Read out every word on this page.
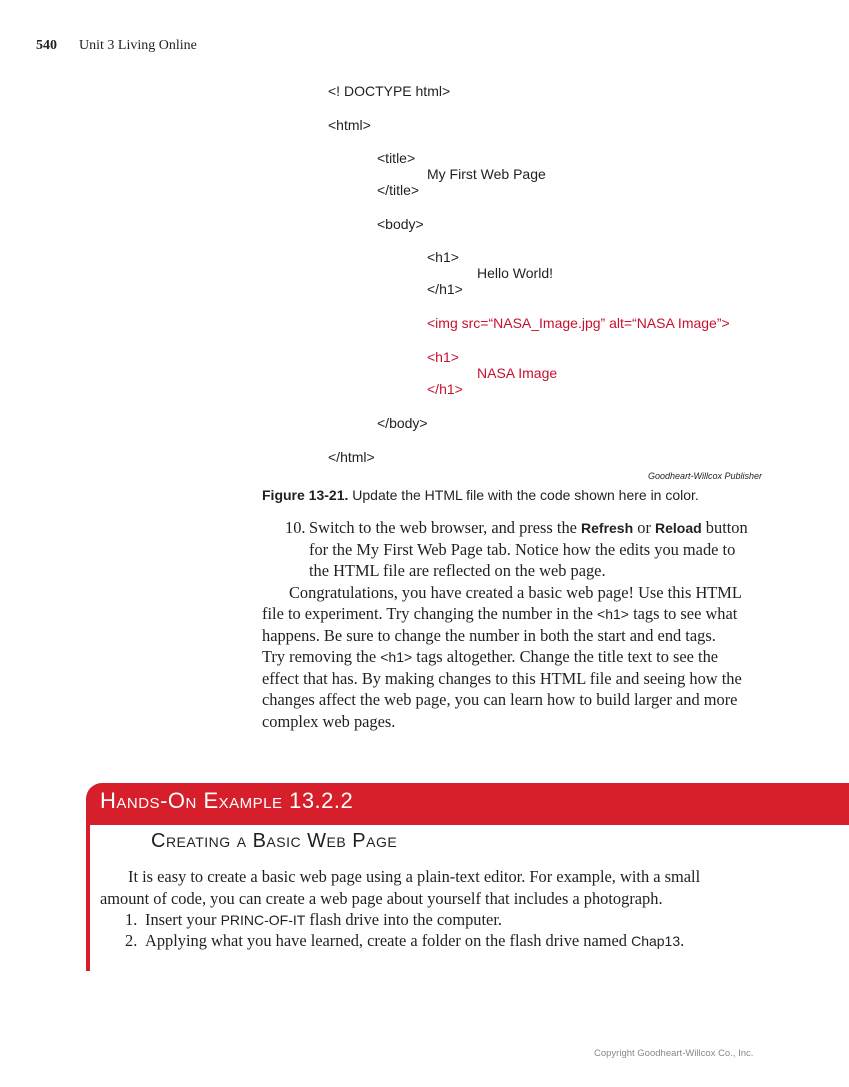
540 Unit 3 Living Online
<! DOCTYPE html>
<html>
<title>
My First Web Page
</title>
<body>
<h1>
Hello World!
</h1>
<img src=“NASA_Image.jpg” alt=“NASA Image”>
<h1>
NASA Image
</h1>
</body>
</html>
Goodheart-Willcox Publisher
Figure 13-21. Update the HTML file with the code shown here in color.
10. Switch to the web browser, and press the Refresh or Reload button
for the My First Web Page tab. Notice how the edits you made to
the HTML file are reflected on the web page.
Congratulations, you have created a basic web page! Use this HTML
file to experiment. Try changing the number in the <h1> tags to see what
happens. Be sure to change the number in both the start and end tags.
Try removing the <h1> tags altogether. Change the title text to see the
effect that has. By making changes to this HTML file and seeing how the
changes affect the web page, you can learn how to build larger and more
complex web pages.
Hands-On Example 13.2.2
Creating a Basic Web Page
It is easy to create a basic web page using a plain-text editor. For example, with a small
amount of code, you can create a web page about yourself that includes a photograph.
1. Insert your PRINC-OF-IT flash drive into the computer.
2. Applying what you have learned, create a folder on the flash drive named Chap13.
Copyright Goodheart-Willcox Co., Inc.
